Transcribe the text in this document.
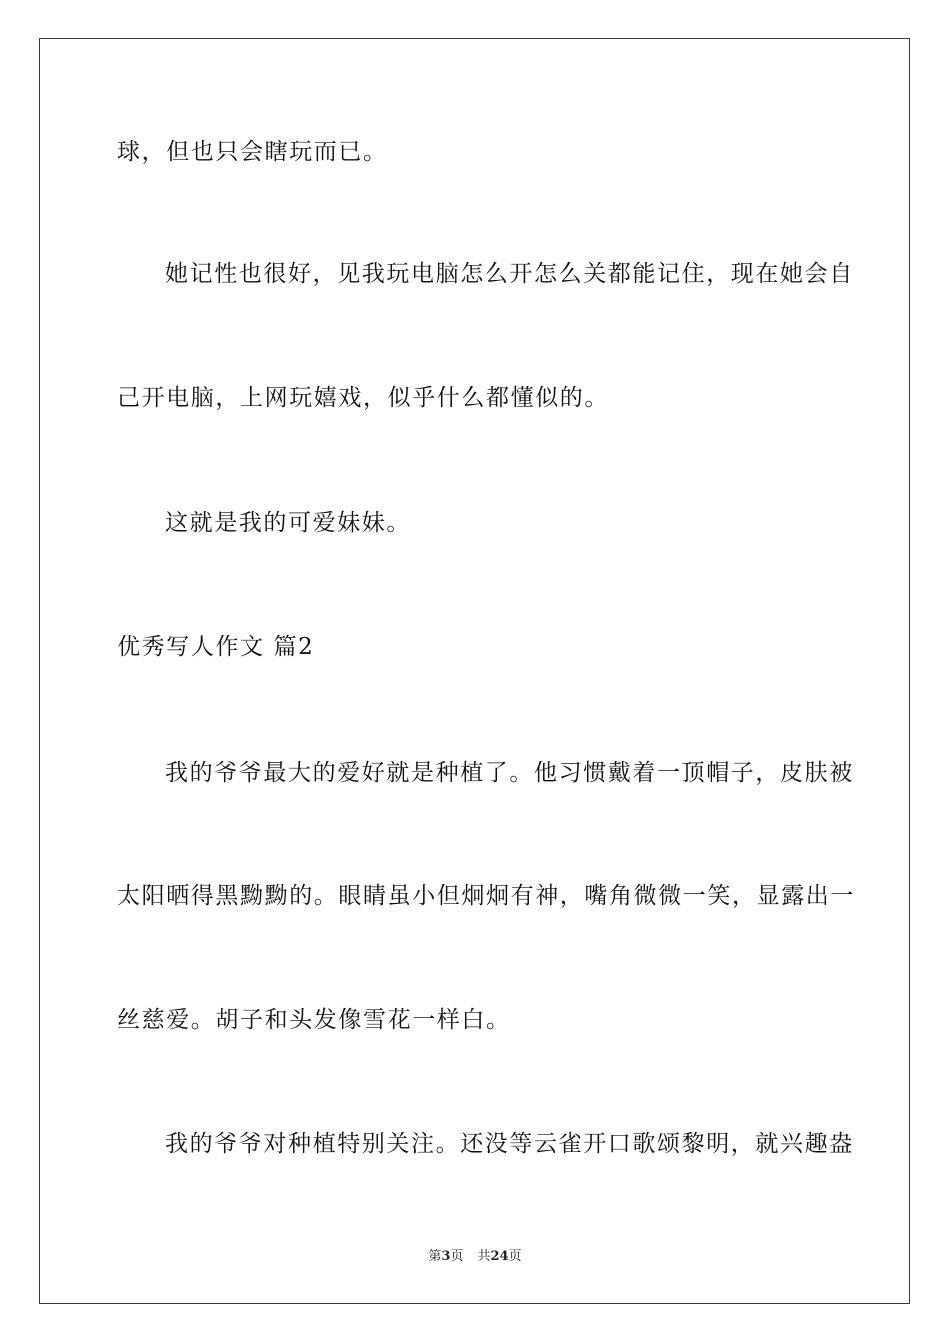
球，但也只会瞎玩而已。
她记性也很好，见我玩电脑怎么开怎么关都能记住，现在她会自
己开电脑，上网玩嬉戏，似乎什么都懂似的。
这就是我的可爱妹妹。
优秀写人作文 篇2
我的爷爷最大的爱好就是种植了。他习惯戴着一顶帽子，皮肤被
太阳晒得黑黝黝的。眼睛虽小但炯炯有神，嘴角微微一笑，显露出一
丝慈爱。胡子和头发像雪花一样白。
我的爷爷对种植特别关注。还没等云雀开口歌颂黎明，就兴趣盎
第3页 共24页
